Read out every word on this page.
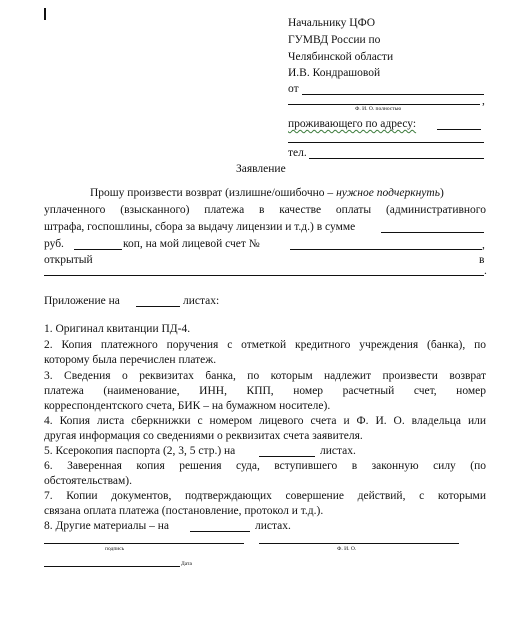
Начальнику ЦФО
ГУМВД России по
Челябинской области
И.В. Кондрашовой
от
,
Ф. И. О. полностью
проживающего по адресу:
тел.
Заявление
Прошу произвести возврат (излишне/ошибочно – нужное подчеркнуть)
уплаченного (взысканного) платежа в качестве оплаты (административного
штрафа, госпошлины, сбора за выдачу лицензии и т.д.) в сумме
руб.	коп, на мой лицевой счет №	,
открытый	в
.
Приложение на	листах:
1. Оригинал квитанции ПД-4.
2. Копия платежного поручения с отметкой кредитного учреждения (банка), по
которому была перечислен платеж.
3. Сведения о реквизитах банка, по которым надлежит произвести возврат
платежа (наименование, ИНН, КПП, номер расчетный счет, номер
корреспондентского счета, БИК – на бумажном носителе).
4. Копия листа сберкнижки с номером лицевого счета и Ф. И. О. владельца или
другая информация со сведениями о реквизитах счета заявителя.
5. Ксерокопия паспорта (2, 3, 5 стр.) на	листах.
6. Заверенная копия решения суда, вступившего в законную силу (по
обстоятельствам).
7. Копии документов, подтверждающих совершение действий, с которыми
связана оплата платежа (постановление, протокол и т.д.).
8. Другие материалы – на	листах.
подпись	Ф. И. О.
Дата
